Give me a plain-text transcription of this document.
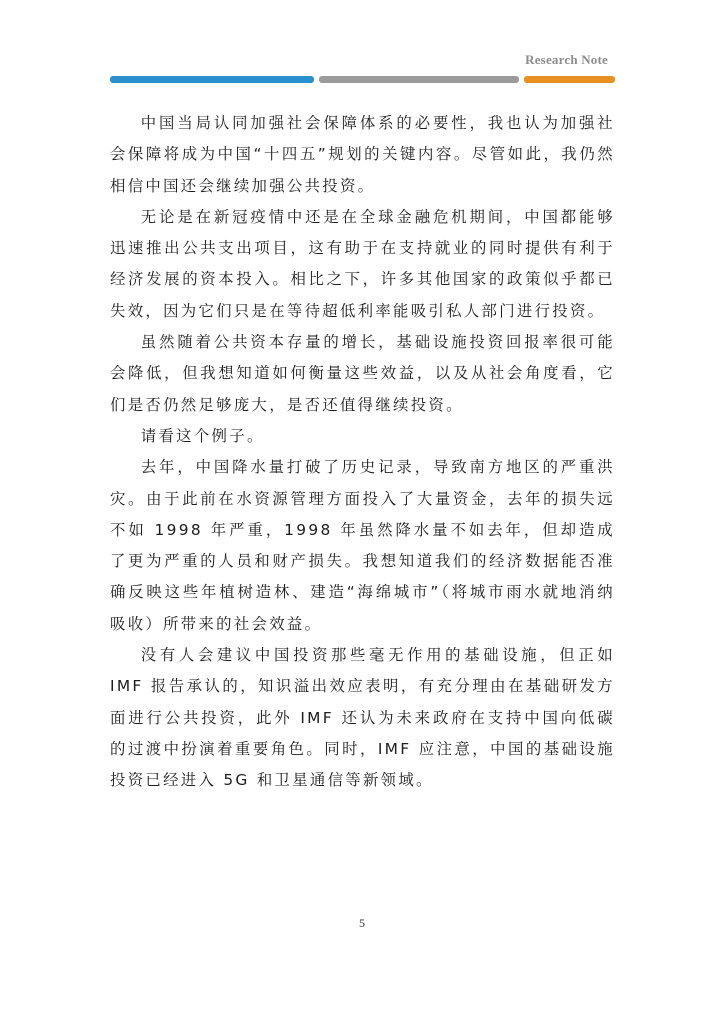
Research Note

中国当局认同加强社会保障体系的必要性，我也认为加强社会保障将成为中国“十四五”规划的关键内容。尽管如此，我仍然相信中国还会继续加强公共投资。

无论是在新冠疫情中还是在全球金融危机期间，中国都能够迅速推出公共支出项目，这有助于在支持就业的同时提供有利于经济发展的资本投入。相比之下，许多其他国家的政策似乎都已失效，因为它们只是在等待超低利率能吸引私人部门进行投资。

虽然随着公共资本存量的增长，基础设施投资回报率很可能会降低，但我想知道如何衡量这些效益，以及从社会角度看，它们是否仍然足够庞大，是否还值得继续投资。

请看这个例子。

去年，中国降水量打破了历史记录，导致南方地区的严重洪灾。由于此前在水资源管理方面投入了大量资金，去年的损失远不如 1998 年严重，1998 年虽然降水量不如去年，但却造成了更为严重的人员和财产损失。我想知道我们的经济数据能否准确反映这些年植树造林、建造“海绵城市”（将城市雨水就地消纳吸收）所带来的社会效益。

没有人会建议中国投资那些毫无作用的基础设施，但正如 IMF 报告承认的，知识溢出效应表明，有充分理由在基础研发方面进行公共投资，此外 IMF 还认为未来政府在支持中国向低碳的过渡中扮演着重要角色。同时，IMF 应注意，中国的基础设施投资已经进入 5G 和卫星通信等新领域。

5
